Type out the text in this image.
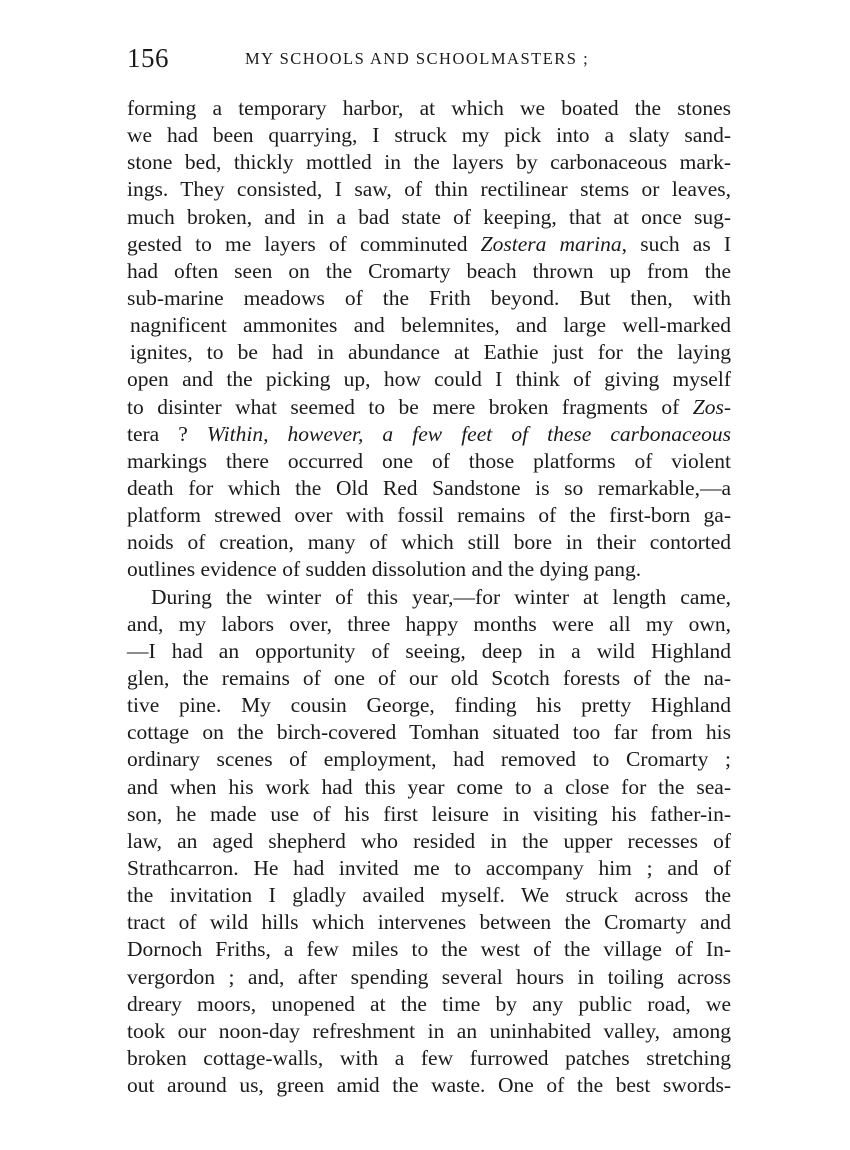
156	MY SCHOOLS AND SCHOOLMASTERS ;
forming a temporary harbor, at which we boated the stones
we had been quarrying, I struck my pick into a slaty sand-
stone bed, thickly mottled in the layers by carbonaceous mark-
ings. They consisted, I saw, of thin rectilinear stems or leaves,
much broken, and in a bad state of keeping, that at once sug-
gested to me layers of comminuted Zostera marina, such as I
had often seen on the Cromarty beach thrown up from the
sub-marine meadows of the Frith beyond. But then, with
nagnificent ammonites and belemnites, and large well-marked
ignites, to be had in abundance at Eathie just for the laying
open and the picking up, how could I think of giving myself
to disinter what seemed to be mere broken fragments of Zos-
tera ? Within, however, a few feet of these carbonaceous
markings there occurred one of those platforms of violent
death for which the Old Red Sandstone is so remarkable,—a
platform strewed over with fossil remains of the first-born ga-
noids of creation, many of which still bore in their contorted
outlines evidence of sudden dissolution and the dying pang.
During the winter of this year,—for winter at length came,
and, my labors over, three happy months were all my own,
—I had an opportunity of seeing, deep in a wild Highland
glen, the remains of one of our old Scotch forests of the na-
tive pine. My cousin George, finding his pretty Highland
cottage on the birch-covered Tomhan situated too far from his
ordinary scenes of employment, had removed to Cromarty ;
and when his work had this year come to a close for the sea-
son, he made use of his first leisure in visiting his father-in-
law, an aged shepherd who resided in the upper recesses of
Strathcarron. He had invited me to accompany him ; and of
the invitation I gladly availed myself. We struck across the
tract of wild hills which intervenes between the Cromarty and
Dornoch Friths, a few miles to the west of the village of In-
vergordon ; and, after spending several hours in toiling across
dreary moors, unopened at the time by any public road, we
took our noon-day refreshment in an uninhabited valley, among
broken cottage-walls, with a few furrowed patches stretching
out around us, green amid the waste. One of the best swords-
